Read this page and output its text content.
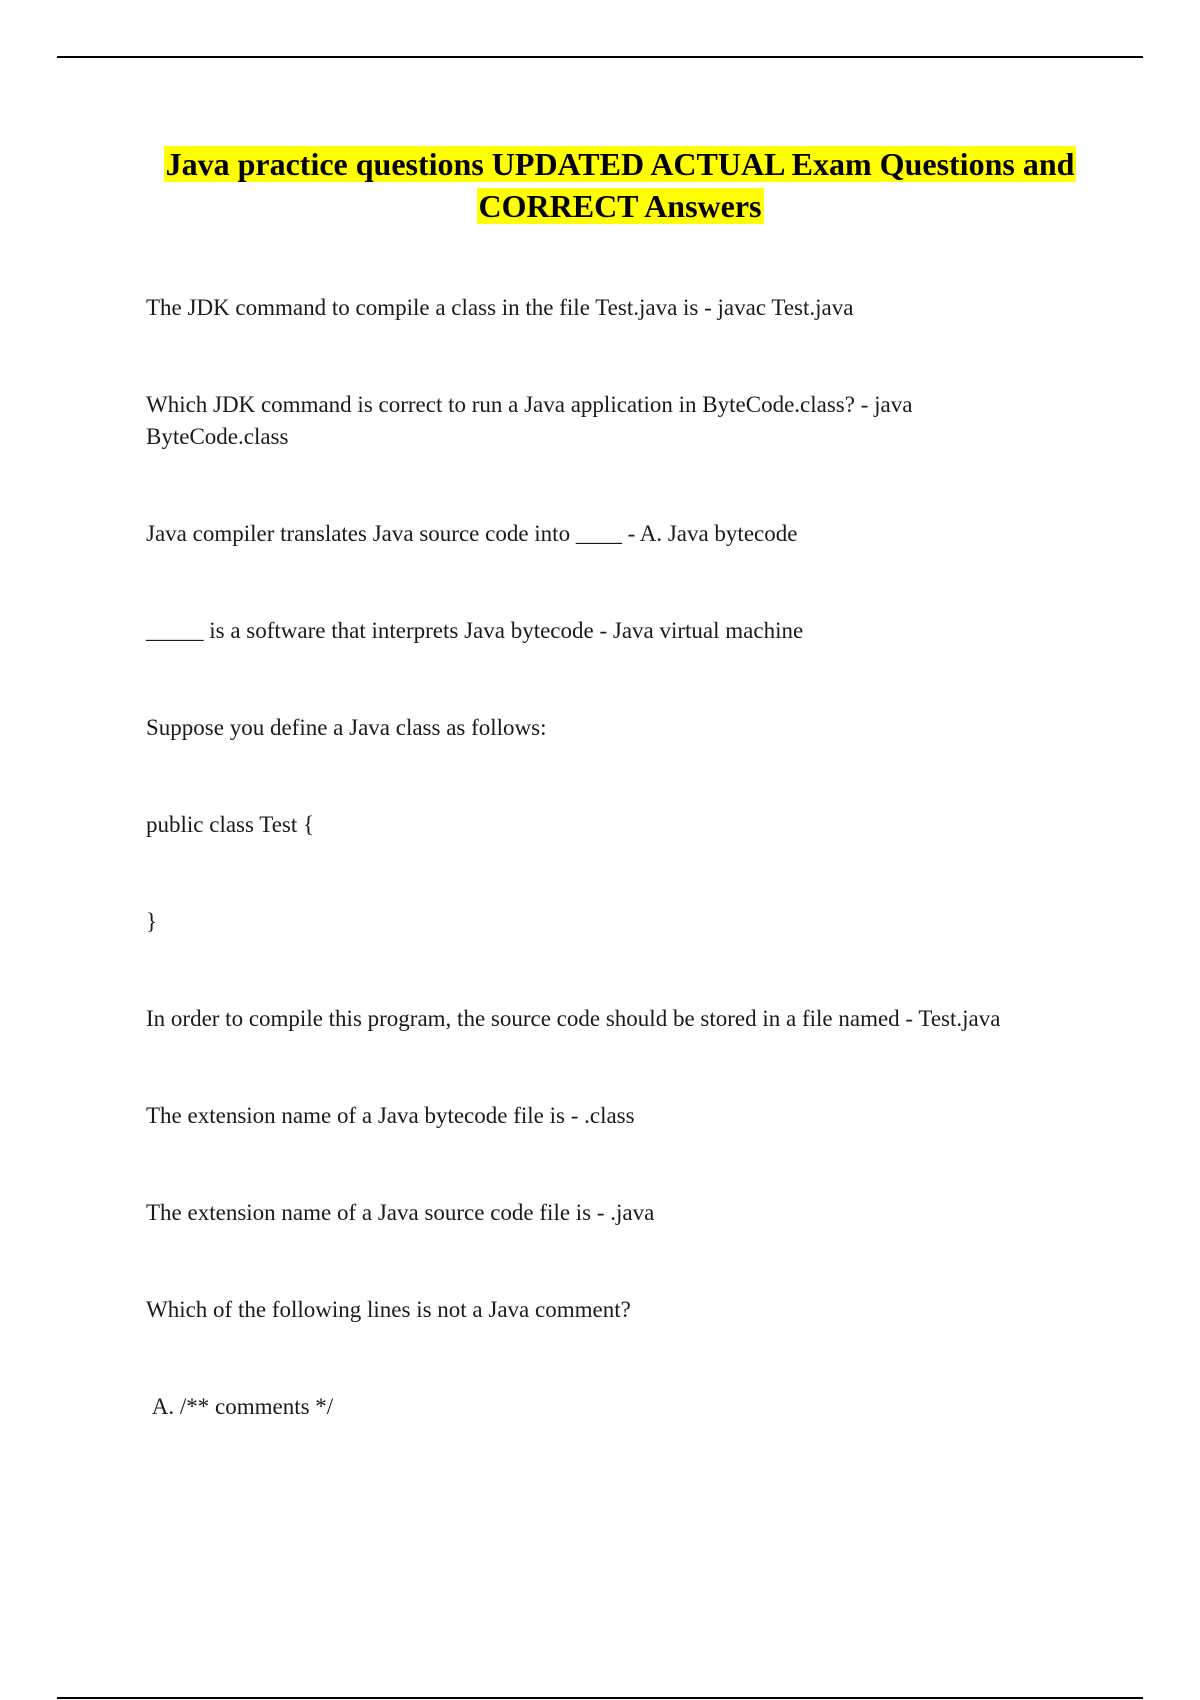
Java practice questions UPDATED ACTUAL Exam Questions and
CORRECT Answers
The JDK command to compile a class in the file Test.java is - javac Test.java
Which JDK command is correct to run a Java application in ByteCode.class? - java
ByteCode.class
Java compiler translates Java source code into ____ - A. Java bytecode
_____ is a software that interprets Java bytecode - Java virtual machine
Suppose you define a Java class as follows:
public class Test {
}
In order to compile this program, the source code should be stored in a file named - Test.java
The extension name of a Java bytecode file is - .class
The extension name of a Java source code file is - .java
Which of the following lines is not a Java comment?
A. /** comments */
